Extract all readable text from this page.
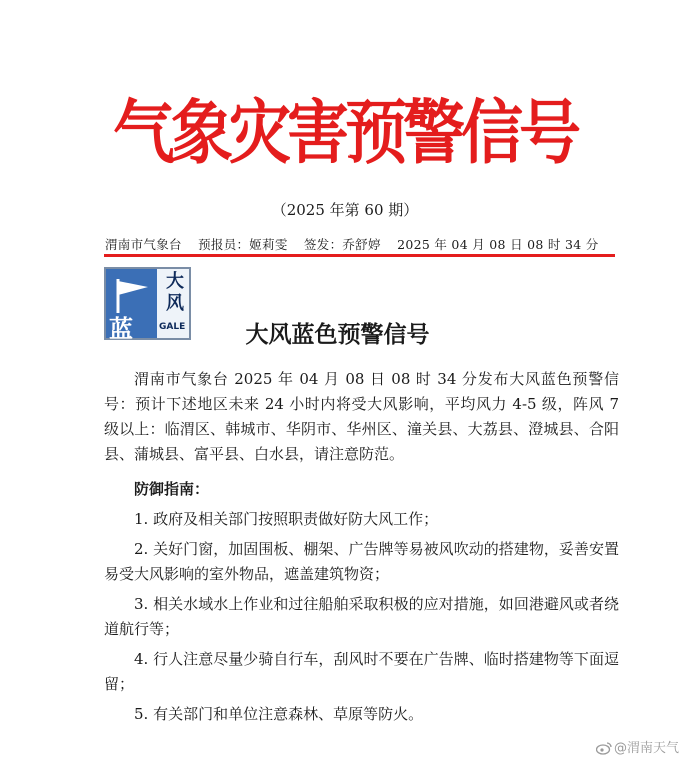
气象灾害预警信号
（2025 年第 60 期）
渭南市气象台 预报员：姬莉雯 签发：乔舒婷 2025 年 04 月 08 日 08 时 34 分
蓝
大风
GALE	大风蓝色预警信号
渭南市气象台 2025 年 04 月 08 日 08 时 34 分发布大风蓝色预警信号：预计下述地区未来 24 小时内将受大风影响，平均风力 4-5 级，阵风 7 级以上：临渭区、韩城市、华阴市、华州区、潼关县、大荔县、澄城县、合阳县、蒲城县、富平县、白水县，请注意防范。
防御指南：
1. 政府及相关部门按照职责做好防大风工作；
2. 关好门窗，加固围板、棚架、广告牌等易被风吹动的搭建物，妥善安置易受大风影响的室外物品，遮盖建筑物资；
3. 相关水域水上作业和过往船舶采取积极的应对措施，如回港避风或者绕道航行等；
4. 行人注意尽量少骑自行车，刮风时不要在广告牌、临时搭建物等下面逗留；
5. 有关部门和单位注意森林、草原等防火。
@渭南天气
